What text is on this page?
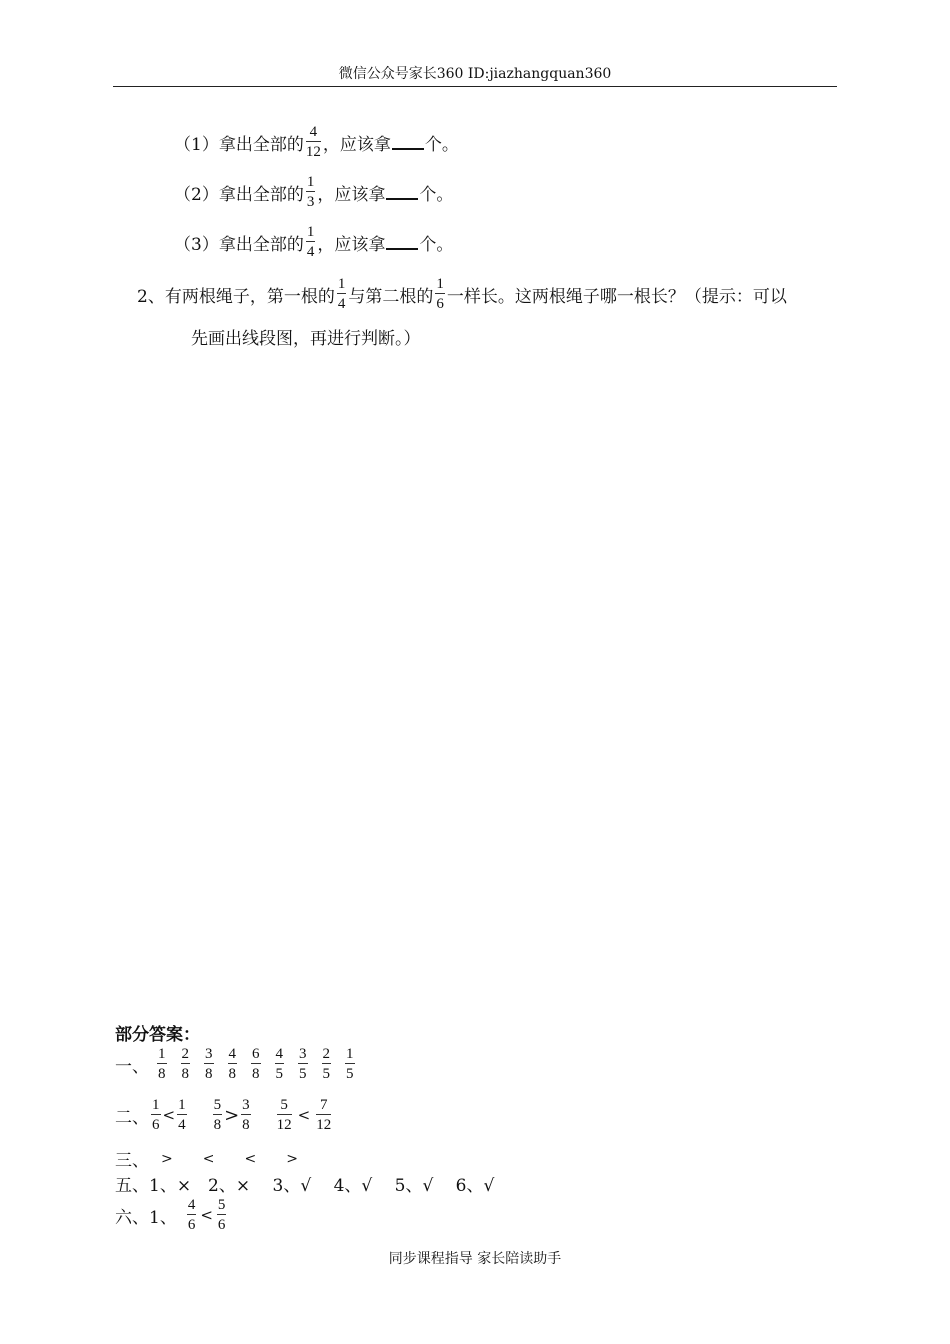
微信公众号家长360 ID:jiazhangquan360
（1）拿出全部的 $\frac{4}{12}$ ，应该拿 个。
（2）拿出全部的 $\frac{1}{3}$ ，应该拿 个。
（3）拿出全部的 $\frac{1}{4}$ ，应该拿 个。
2、有两根绳子，第一根的 $\frac{1}{4}$ 与第二根的 $\frac{1}{6}$ 一样长。这两根绳子哪一根长？（提示：可以
先画出线段图，再进行判断。）
部分答案：
一、 $\frac{1}{8} \frac{2}{8} \frac{3}{8} \frac{4}{8} \frac{6}{8} \frac{4}{5} \frac{3}{5} \frac{2}{5} \frac{1}{5}$
二、 $\frac{1}{6} < \frac{1}{4} \frac{5}{8} > \frac{3}{8} \frac{5}{12} < \frac{7}{12}$
三、 > < < >
五、1、×　2、×　 3、√　 4、√　 5、√　 6、√
六、1、 $\frac{4}{6} < \frac{5}{6}$
同步课程指导 家长陪读助手
